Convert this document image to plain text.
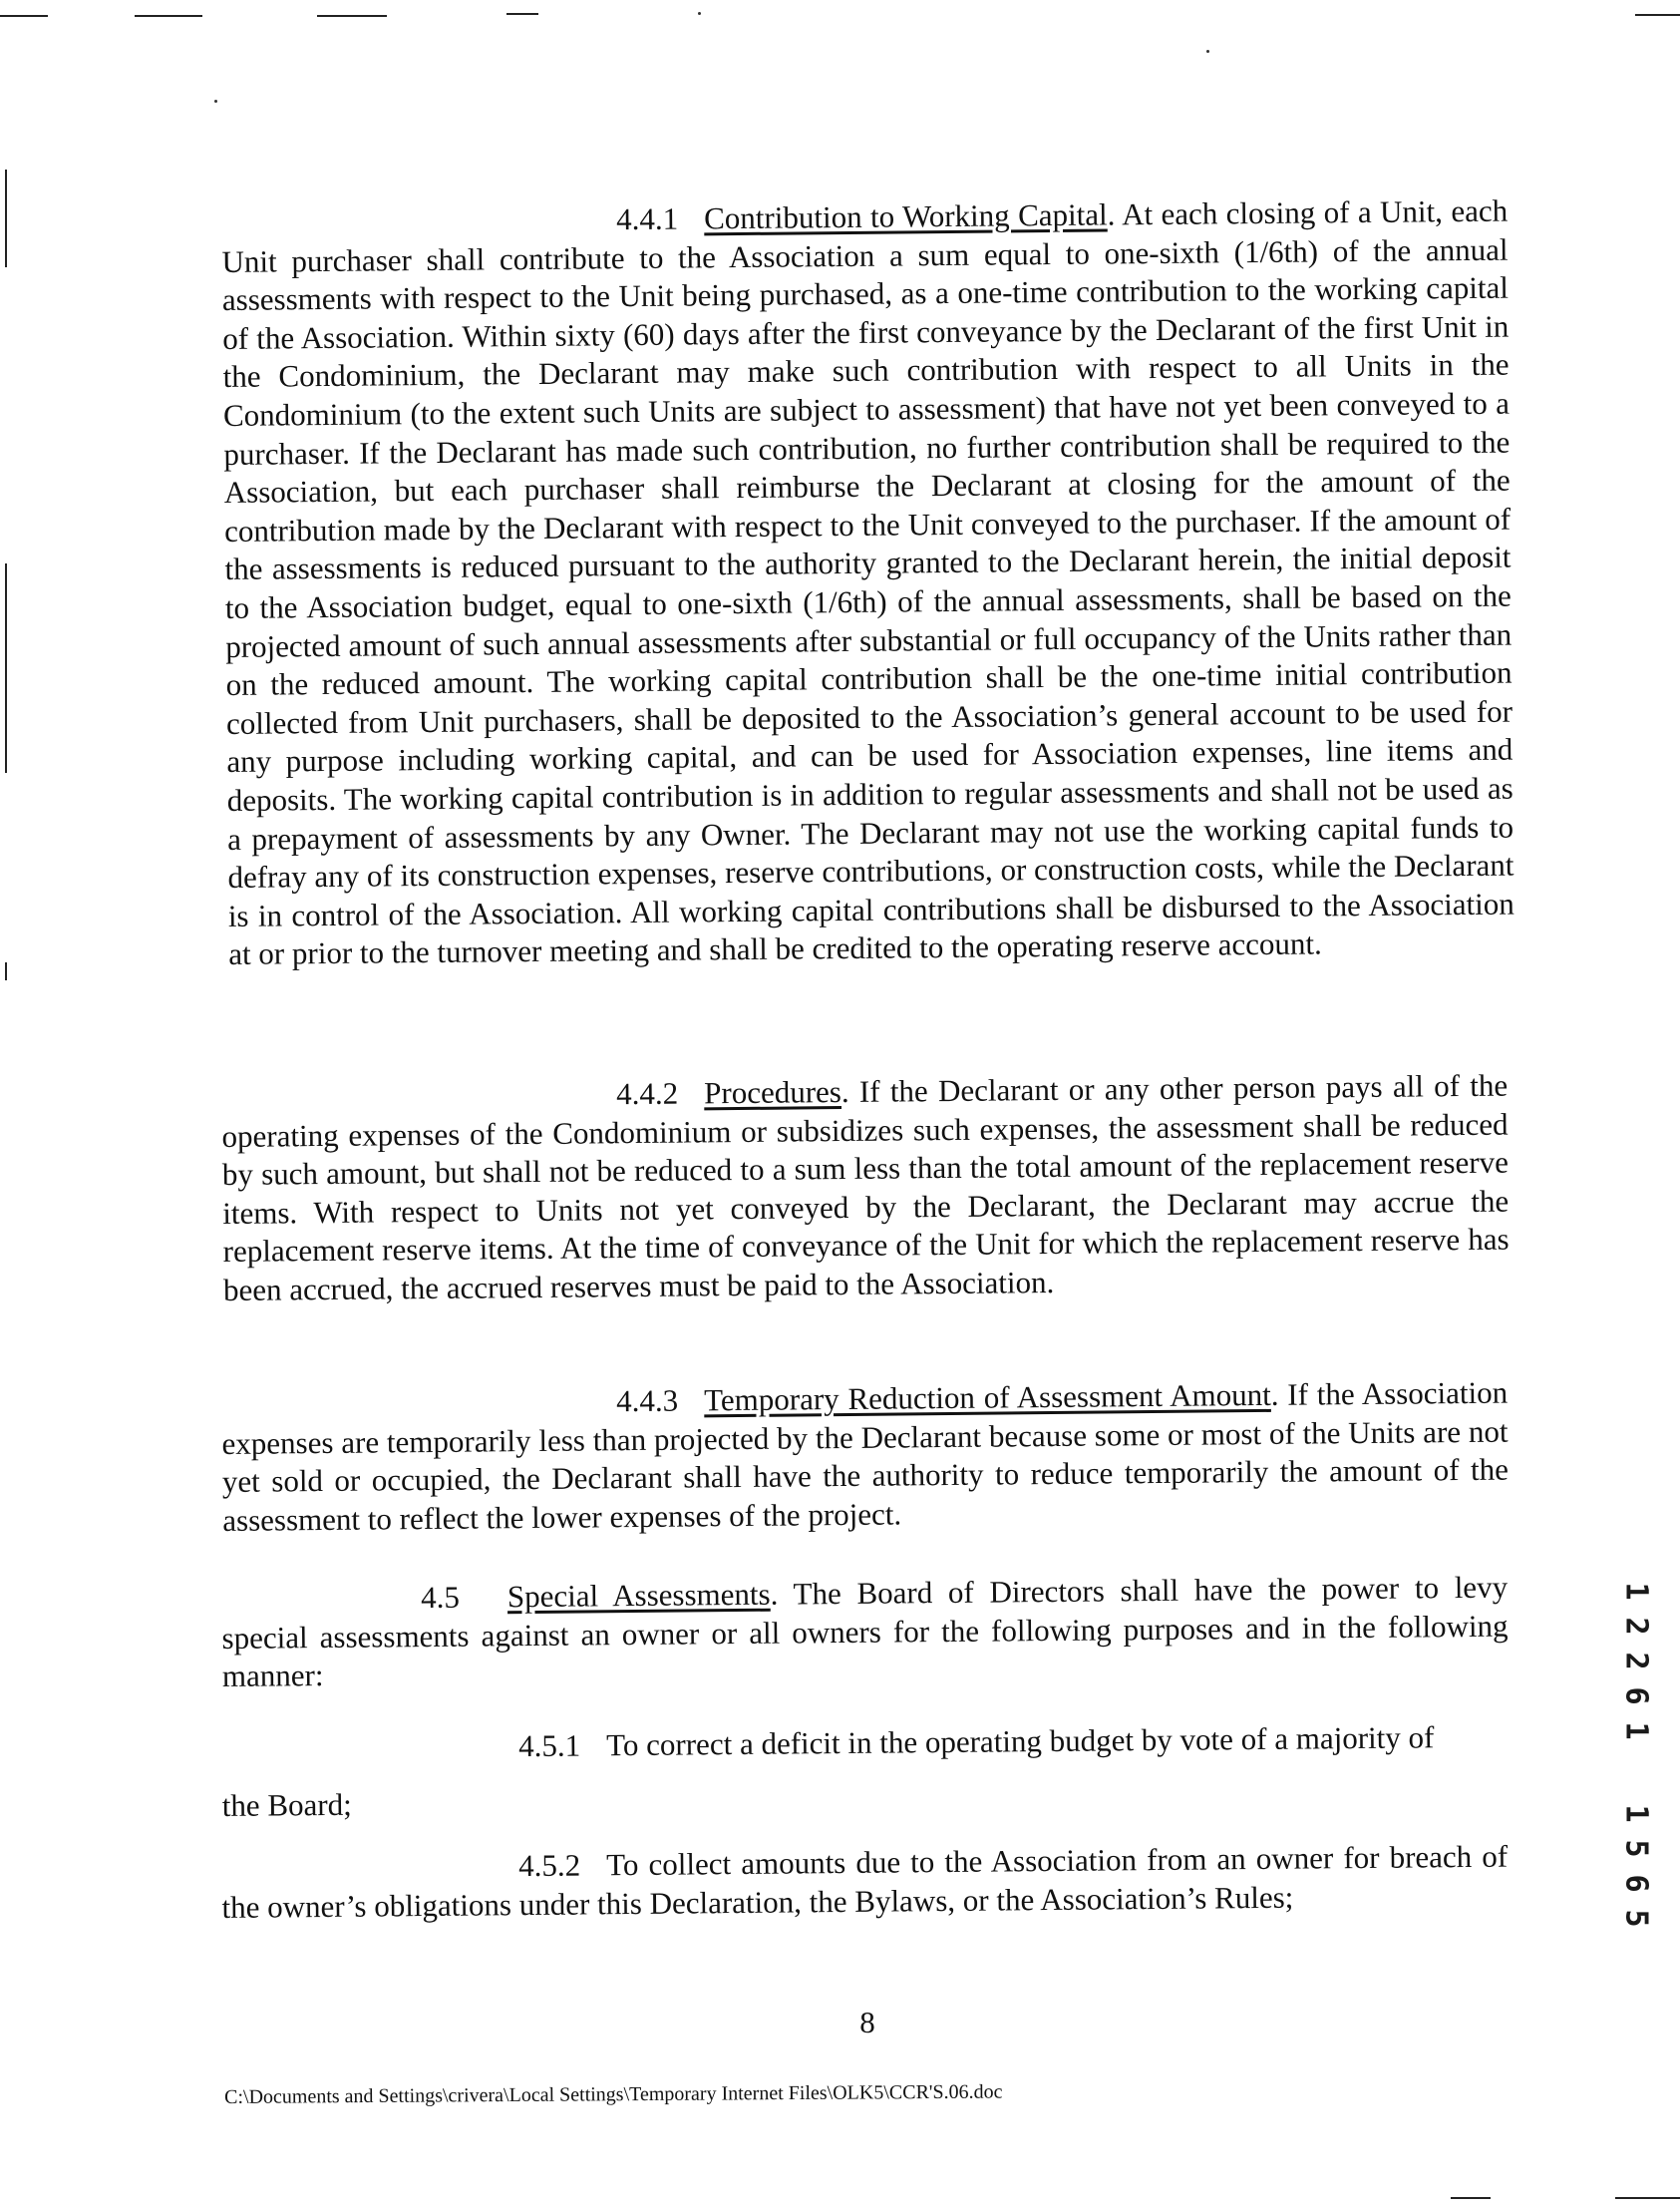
4.4.1 Contribution to Working Capital. At each closing of a Unit, each Unit purchaser shall contribute to the Association a sum equal to one-sixth (1/6th) of the annual assessments with respect to the Unit being purchased, as a one-time contribution to the working capital of the Association. Within sixty (60) days after the first conveyance by the Declarant of the first Unit in the Condominium, the Declarant may make such contribution with respect to all Units in the Condominium (to the extent such Units are subject to assessment) that have not yet been conveyed to a purchaser. If the Declarant has made such contribution, no further contribution shall be required to the Association, but each purchaser shall reimburse the Declarant at closing for the amount of the contribution made by the Declarant with respect to the Unit conveyed to the purchaser. If the amount of the assessments is reduced pursuant to the authority granted to the Declarant herein, the initial deposit to the Association budget, equal to one-sixth (1/6th) of the annual assessments, shall be based on the projected amount of such annual assessments after substantial or full occupancy of the Units rather than on the reduced amount. The working capital contribution shall be the one-time initial contribution collected from Unit purchasers, shall be deposited to the Association’s general account to be used for any purpose including working capital, and can be used for Association expenses, line items and deposits. The working capital contribution is in addition to regular assessments and shall not be used as a prepayment of assessments by any Owner. The Declarant may not use the working capital funds to defray any of its construction expenses, reserve contributions, or construction costs, while the Declarant is in control of the Association. All working capital contributions shall be disbursed to the Association at or prior to the turnover meeting and shall be credited to the operating reserve account.

4.4.2 Procedures. If the Declarant or any other person pays all of the operating expenses of the Condominium or subsidizes such expenses, the assessment shall be reduced by such amount, but shall not be reduced to a sum less than the total amount of the replacement reserve items. With respect to Units not yet conveyed by the Declarant, the Declarant may accrue the replacement reserve items. At the time of conveyance of the Unit for which the replacement reserve has been accrued, the accrued reserves must be paid to the Association.

4.4.3 Temporary Reduction of Assessment Amount. If the Association expenses are temporarily less than projected by the Declarant because some or most of the Units are not yet sold or occupied, the Declarant shall have the authority to reduce temporarily the amount of the assessment to reflect the lower expenses of the project.

4.5 Special Assessments. The Board of Directors shall have the power to levy special assessments against an owner or all owners for the following purposes and in the following manner:

4.5.1 To correct a deficit in the operating budget by vote of a majority of

the Board;

4.5.2 To collect amounts due to the Association from an owner for breach of the owner’s obligations under this Declaration, the Bylaws, or the Association’s Rules;

8
C:\Documents and Settings\crivera\Local Settings\Temporary Internet Files\OLK5\CCR'S.06.doc
1
2
2
6
1
1
5
6
5
